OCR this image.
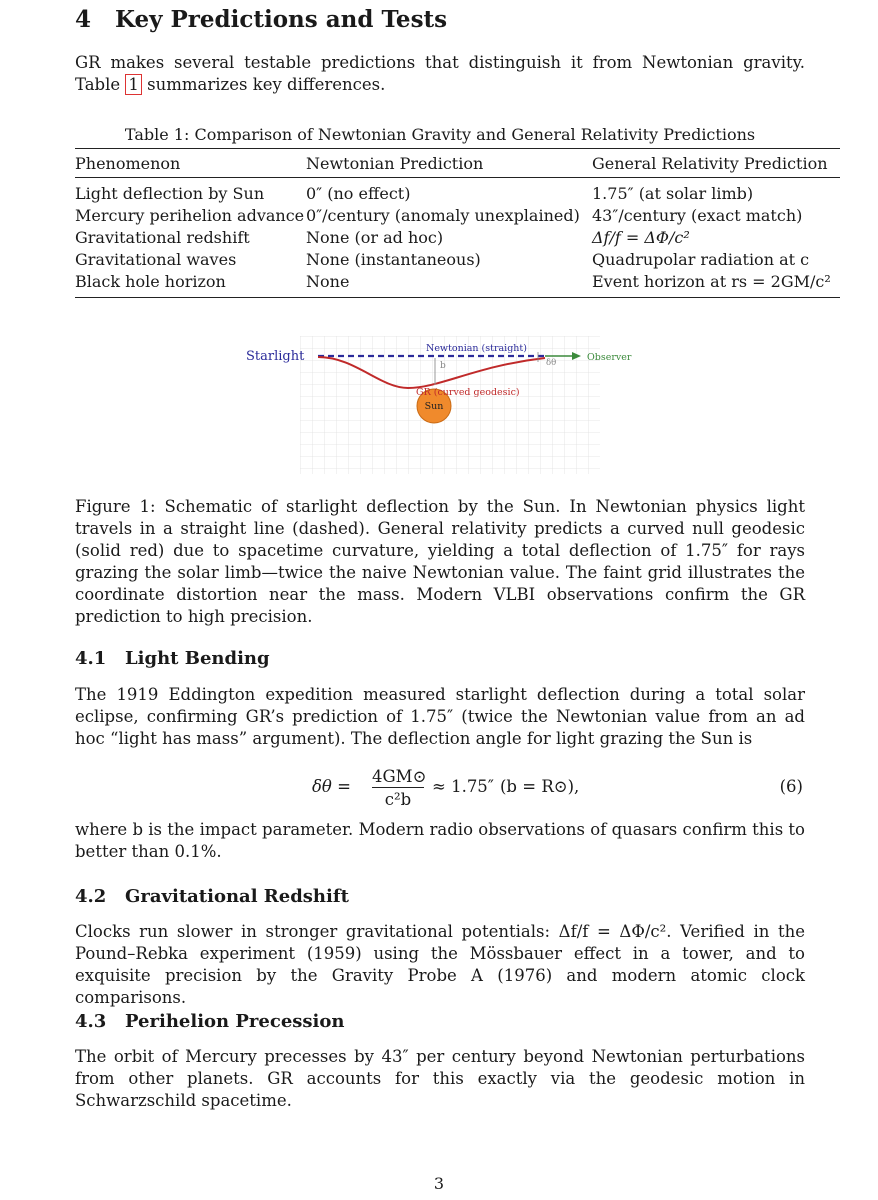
4 Key Predictions and Tests
GR makes several testable predictions that distinguish it from Newtonian gravity. Table 1 summarizes key differences.
Table 1: Comparison of Newtonian Gravity and General Relativity Predictions
Phenomenon	Newtonian Prediction	General Relativity Prediction
Light deflection by Sun	0″ (no effect)	1.75″ (at solar limb)
Mercury perihelion advance	0″/century (anomaly unexplained)	43″/century (exact match)
Gravitational redshift	None (or ad hoc)	Δf/f = ΔΦ/c²
Gravitational waves	None (instantaneous)	Quadrupolar radiation at c
Black hole horizon	None	Event horizon at rs = 2GM/c²
b	δθ
Sun
Starlight
Newtonian (straight)
GR (curved geodesic)
Observer
Figure 1: Schematic of starlight deflection by the Sun. In Newtonian physics light travels in a straight line (dashed). General relativity predicts a curved null geodesic (solid red) due to spacetime curvature, yielding a total deflection of 1.75″ for rays grazing the solar limb—twice the naive Newtonian value. The faint grid illustrates the coordinate distortion near the mass. Modern VLBI observations confirm the GR prediction to high precision.
4.1 Light Bending
The 1919 Eddington expedition measured starlight deflection during a total solar eclipse, confirming GR’s prediction of 1.75″ (twice the Newtonian value from an ad hoc “light has mass” argument). The deflection angle for light grazing the Sun is
δθ =
4GM⊙
c²b
≈ 1.75″ (b = R⊙),	(6)
where b is the impact parameter. Modern radio observations of quasars confirm this to better than 0.1%.
4.2 Gravitational Redshift
Clocks run slower in stronger gravitational potentials: Δf/f = ΔΦ/c². Verified in the Pound–Rebka experiment (1959) using the Mössbauer effect in a tower, and to exquisite precision by the Gravity Probe A (1976) and modern atomic clock comparisons.
4.3 Perihelion Precession
The orbit of Mercury precesses by 43″ per century beyond Newtonian perturbations from other planets. GR accounts for this exactly via the geodesic motion in Schwarzschild spacetime.
3
